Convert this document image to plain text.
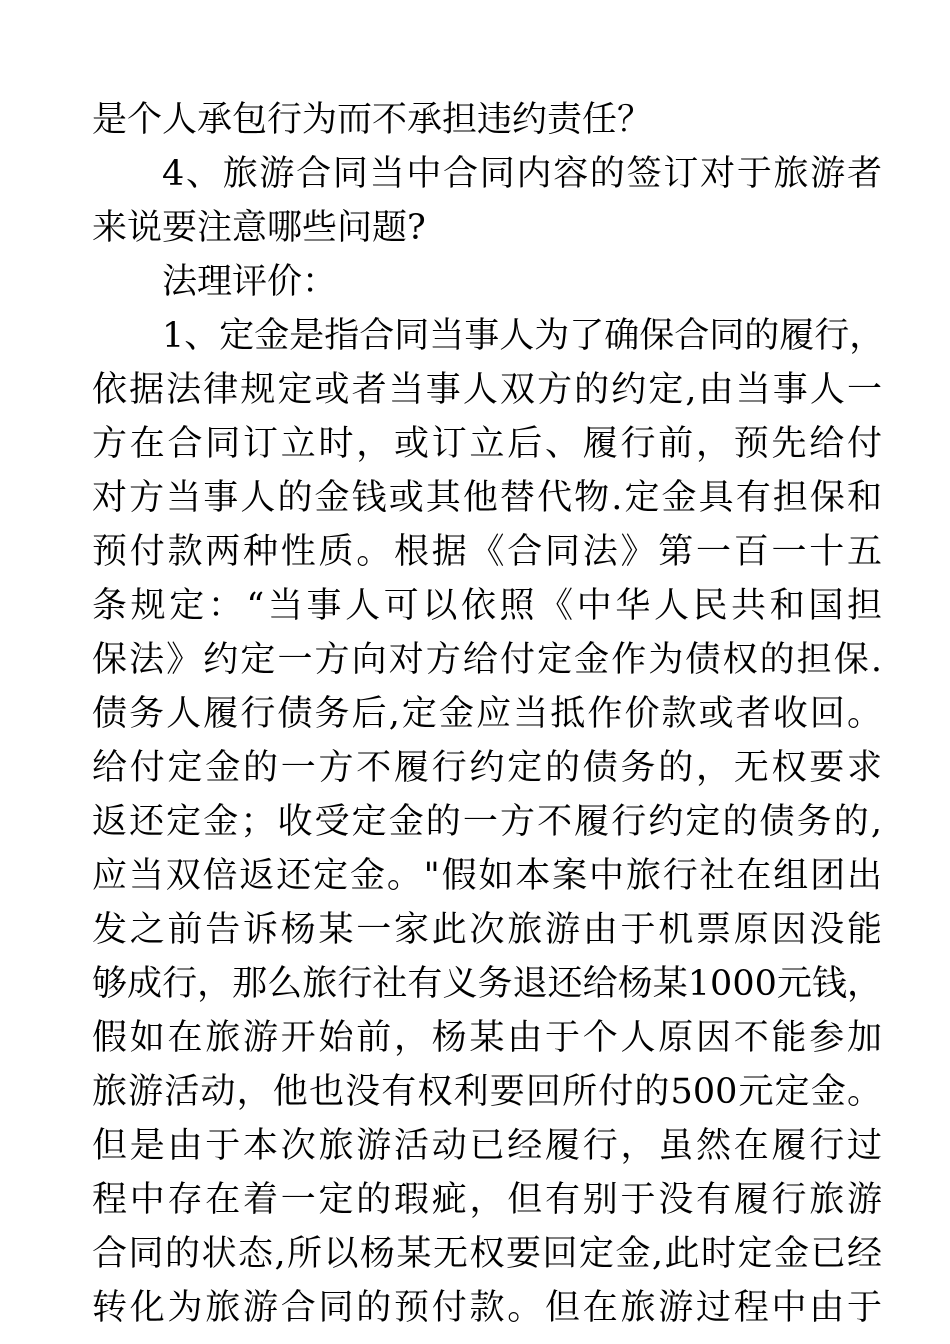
是个人承包行为而不承担违约责任？
4、旅游合同当中合同内容的签订对于旅游者
来说要注意哪些问题?
法理评价：
1、定金是指合同当事人为了确保合同的履行，
依据法律规定或者当事人双方的约定,由当事人一
方在合同订立时，或订立后、履行前，预先给付
对方当事人的金钱或其他替代物.定金具有担保和
预付款两种性质。根据《合同法》第一百一十五
条规定：“当事人可以依照《中华人民共和国担
保法》约定一方向对方给付定金作为债权的担保.
债务人履行债务后,定金应当抵作价款或者收回。
给付定金的一方不履行约定的债务的，无权要求
返还定金；收受定金的一方不履行约定的债务的,
应当双倍返还定金。"假如本案中旅行社在组团出
发之前告诉杨某一家此次旅游由于机票原因没能
够成行，那么旅行社有义务退还给杨某1000元钱，
假如在旅游开始前，杨某由于个人原因不能参加
旅游活动，他也没有权利要回所付的500元定金。
但是由于本次旅游活动已经履行，虽然在履行过
程中存在着一定的瑕疵，但有别于没有履行旅游
合同的状态,所以杨某无权要回定金,此时定金已经
转化为旅游合同的预付款。但在旅游过程中由于
